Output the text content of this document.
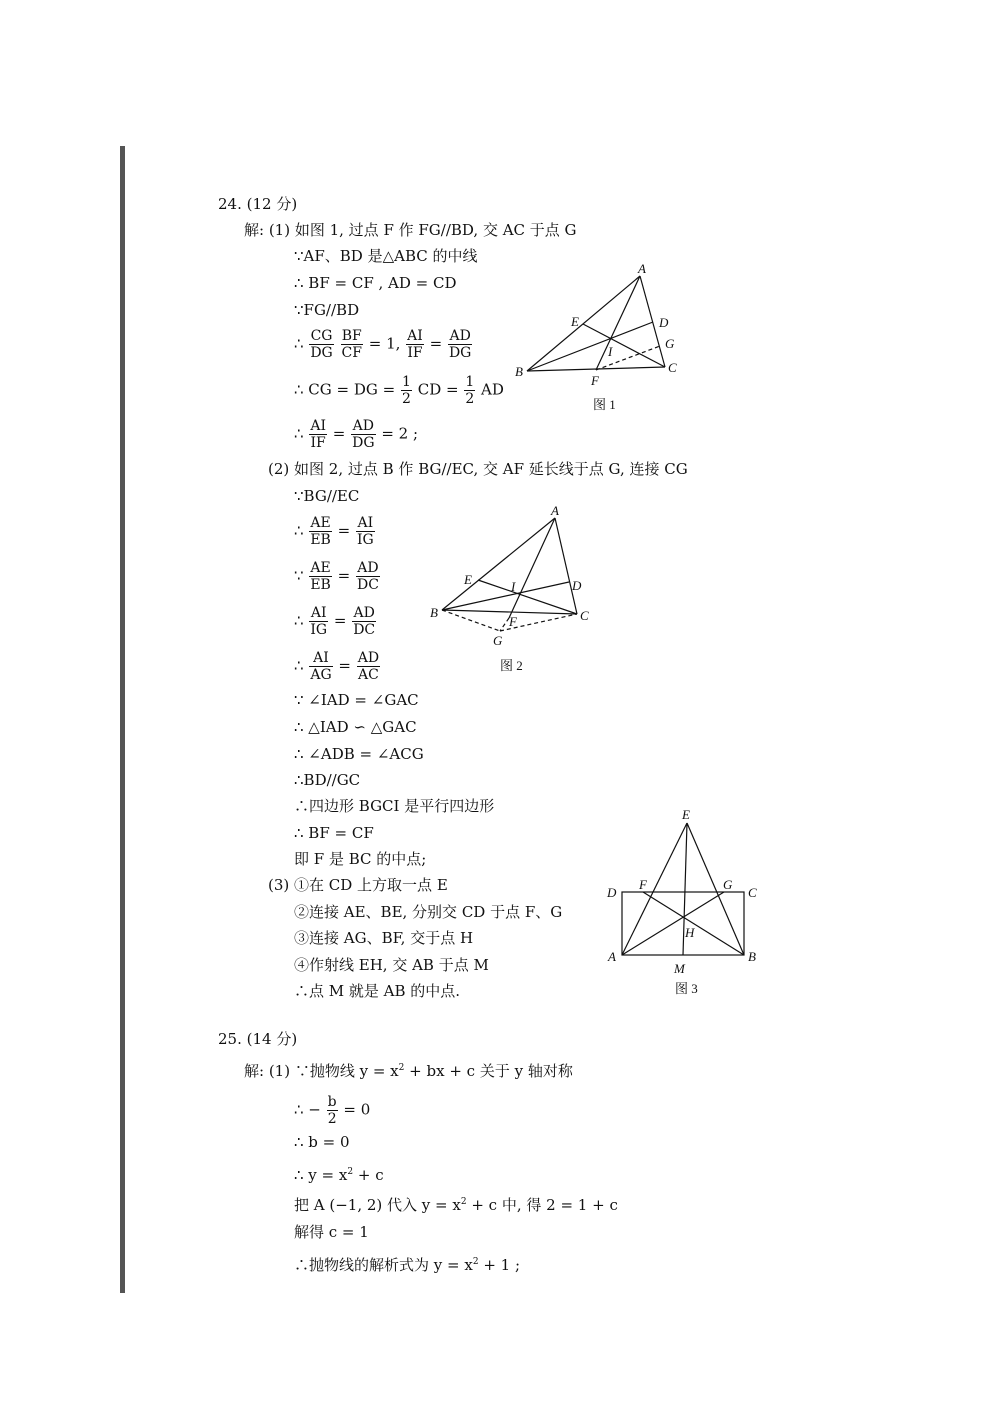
24. (12 分)
解: (1) 如图 1, 过点 F 作 FG//BD, 交 AC 于点 G
∵AF、BD 是△ABC 的中线
∴ BF = CF , AD = CD
∵FG//BD
∴ $\frac{CG}{DG}$
$\frac{BF}{CF} = 1$, $\frac{AI}{IF} = \frac{AD}{DG}$
∴ CG = DG = $\frac{1}{2}$ CD = $\frac{1}{2}$ AD
∴ $\frac{AI}{IF} = \frac{AD}{DG} = 2$ ;
A
B	C
D
E
F
G
I
图 1
(2) 如图 2, 过点 B 作 BG//EC, 交 AF 延长线于点 G, 连接 CG
∵BG//EC
∴ $\frac{AE}{EB} = \frac{AI}{IG}$
∵ $\frac{AE}{EB} = \frac{AD}{DC}$
∴ $\frac{AI}{IG} = \frac{AD}{DC}$
∴ $\frac{AI}{AG} = \frac{AD}{AC}$
A
B	C
D
E
F
G
I
图 2
∵ ∠IAD = ∠GAC
∴ △IAD ∽ △GAC
∴ ∠ADB = ∠ACG
∴BD//GC
∴四边形 BGCI 是平行四边形
∴ BF = CF
即 F 是 BC 的中点;
(3) ①在 CD 上方取一点 E
②连接 AE、BE, 分别交 CD 于点 F、G
③连接 AG、BF, 交于点 H
④作射线 EH, 交 AB 于点 M
∴点 M 就是 AB 的中点.
E
D	C
F	G
H
A	B
M
图 3
25. (14 分)
解: (1) ∵抛物线 $y = x^2$ + bx + c 关于 y 轴对称
∴ − $\frac{b}{2} = 0$
∴ b = 0
∴ $y = x^2 + c$
把 A (−1, 2) 代入 $y = x^2 + c$ 中, 得 2 = 1 + c
解得 c = 1
∴抛物线的解析式为 $y = x^2 + 1$ ;
